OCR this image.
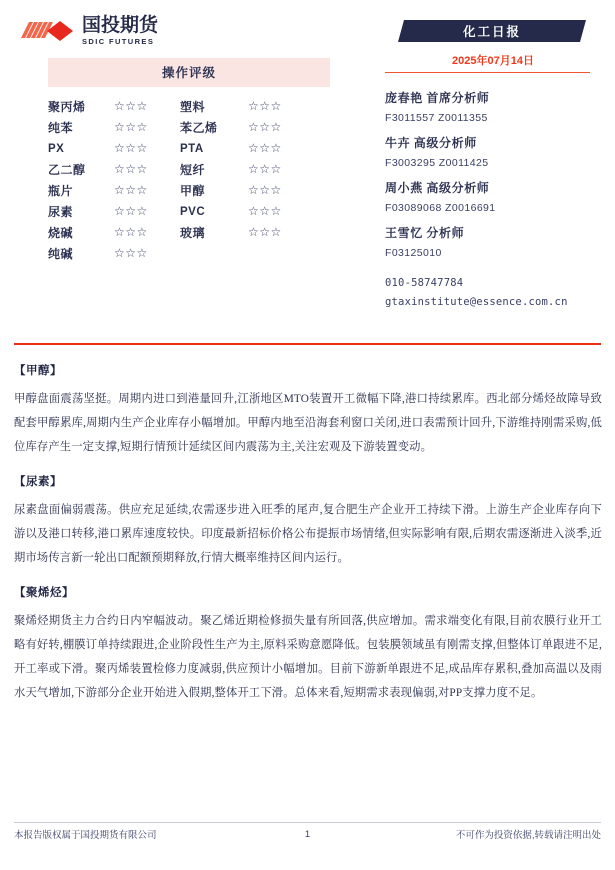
国投期货
SDIC FUTURES
操作评级
聚丙烯	☆☆☆	塑料	☆☆☆
纯苯	☆☆☆	苯乙烯	☆☆☆
PX	☆☆☆	PTA	☆☆☆
乙二醇	☆☆☆	短纤	☆☆☆
瓶片	☆☆☆	甲醇	☆☆☆
尿素	☆☆☆	PVC	☆☆☆
烧碱	☆☆☆	玻璃	☆☆☆
纯碱	☆☆☆
化工日报
2025年07月14日
庞春艳 首席分析师
F3011557 Z0011355
牛卉 高级分析师
F3003295 Z0011425
周小燕 高级分析师
F03089068 Z0016691
王雪忆 分析师
F03125010
010-58747784
gtaxinstitute@essence.com.cn
【甲醇】
甲醇盘面震荡坚挺。周期内进口到港量回升,江浙地区MTO装置开工微幅下降,港口持续累库。西北部分烯烃故障导致配套甲醇累库,周期内生产企业库存小幅增加。甲醇内地至沿海套利窗口关闭,进口表需预计回升,下游维持刚需采购,低位库存产生一定支撑,短期行情预计延续区间内震荡为主,关注宏观及下游装置变动。
【尿素】
尿素盘面偏弱震荡。供应充足延续,农需逐步进入旺季的尾声,复合肥生产企业开工持续下滑。上游生产企业库存向下游以及港口转移,港口累库速度较快。印度最新招标价格公布提振市场情绪,但实际影响有限,后期农需逐渐进入淡季,近期市场传言新一轮出口配额预期释放,行情大概率维持区间内运行。
【聚烯烃】
聚烯烃期货主力合约日内窄幅波动。聚乙烯近期检修损失量有所回落,供应增加。需求端变化有限,目前农膜行业开工略有好转,棚膜订单持续跟进,企业阶段性生产为主,原料采购意愿降低。包装膜领域虽有刚需支撑,但整体订单跟进不足,开工率或下滑。聚丙烯装置检修力度减弱,供应预计小幅增加。目前下游新单跟进不足,成品库存累积,叠加高温以及雨水天气增加,下游部分企业开始进入假期,整体开工下滑。总体来看,短期需求表现偏弱,对PP支撑力度不足。
本报告版权属于国投期货有限公司	1	不可作为投资依据,转载请注明出处
